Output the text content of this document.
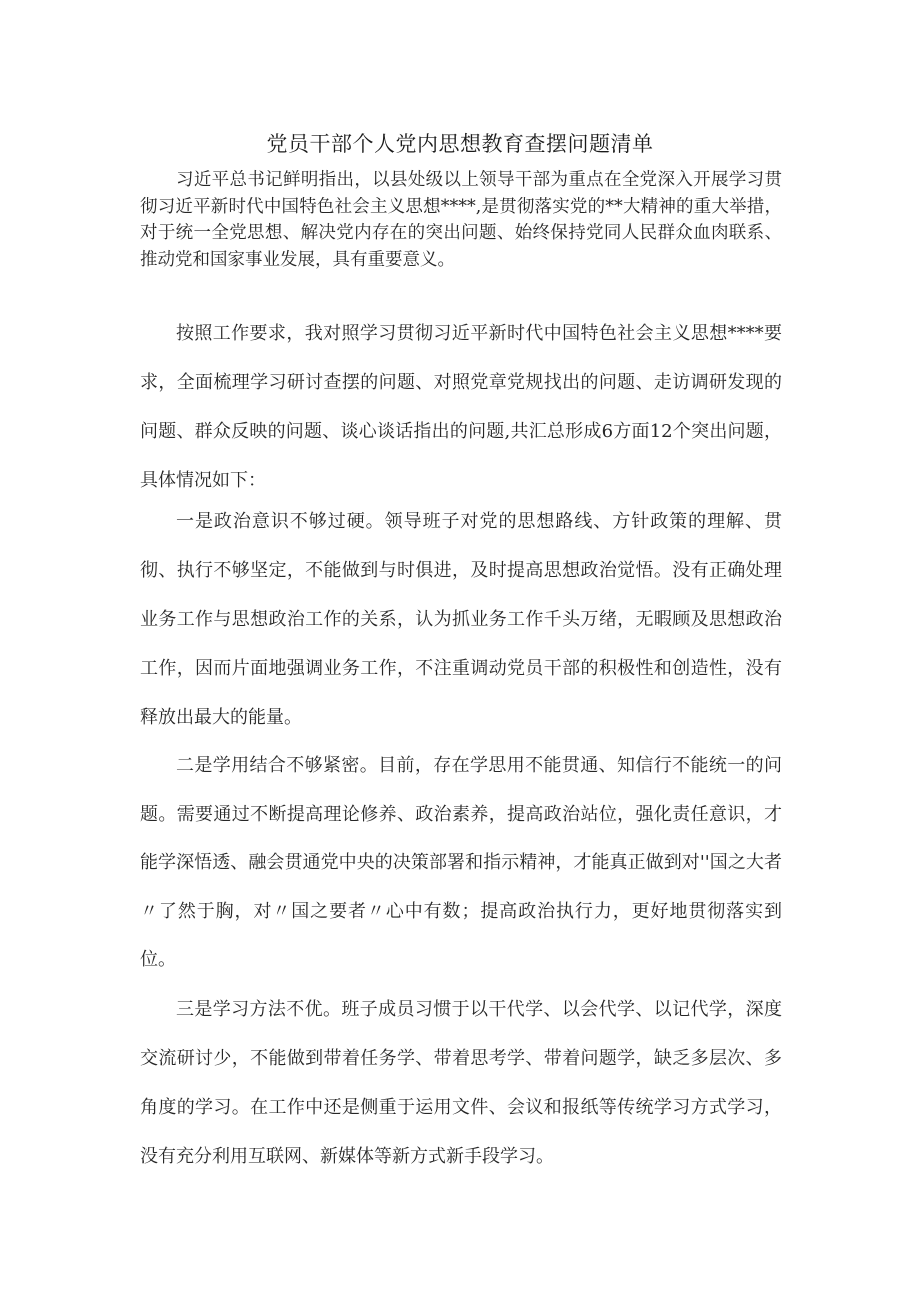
党员干部个人党内思想教育查摆问题清单

习近平总书记鲜明指出，以县处级以上领导干部为重点在全党深入开展学习贯彻习近平新时代中国特色社会主义思想****,是贯彻落实党的**大精神的重大举措，对于统一全党思想、解决党内存在的突出问题、始终保持党同人民群众血肉联系、推动党和国家事业发展，具有重要意义。

按照工作要求，我对照学习贯彻习近平新时代中国特色社会主义思想****要求，全面梳理学习研讨查摆的问题、对照党章党规找出的问题、走访调研发现的问题、群众反映的问题、谈心谈话指出的问题,共汇总形成6方面12个突出问题，具体情况如下：

一是政治意识不够过硬。领导班子对党的思想路线、方针政策的理解、贯彻、执行不够坚定，不能做到与时俱进，及时提高思想政治觉悟。没有正确处理业务工作与思想政治工作的关系，认为抓业务工作千头万绪，无暇顾及思想政治工作，因而片面地强调业务工作，不注重调动党员干部的积极性和创造性，没有释放出最大的能量。

二是学用结合不够紧密。目前，存在学思用不能贯通、知信行不能统一的问题。需要通过不断提高理论修养、政治素养，提高政治站位，强化责任意识，才能学深悟透、融会贯通党中央的决策部署和指示精神，才能真正做到对''国之大者〃了然于胸，对〃国之要者〃心中有数；提高政治执行力，更好地贯彻落实到位。

三是学习方法不优。班子成员习惯于以干代学、以会代学、以记代学，深度交流研讨少，不能做到带着任务学、带着思考学、带着问题学，缺乏多层次、多角度的学习。在工作中还是侧重于运用文件、会议和报纸等传统学习方式学习，没有充分利用互联网、新媒体等新方式新手段学习。
